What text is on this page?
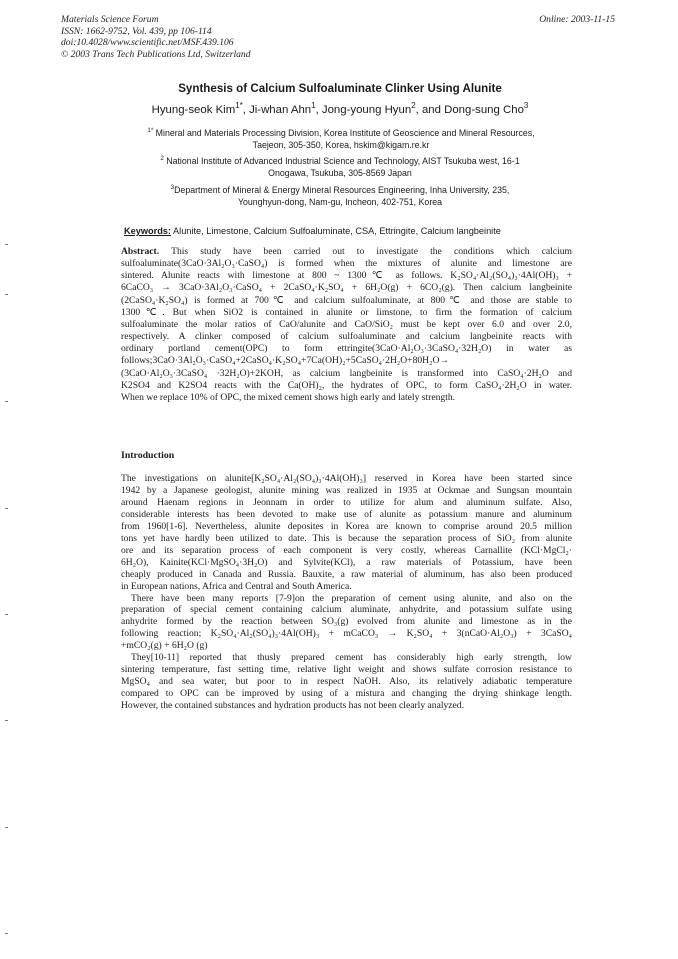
Materials Science Forum
ISSN: 1662-9752, Vol. 439, pp 106-114
doi:10.4028/www.scientific.net/MSF.439.106
© 2003 Trans Tech Publications Ltd, Switzerland
Online: 2003-11-15
Synthesis of Calcium Sulfoaluminate Clinker Using Alunite
Hyung-seok Kim$^{1*}$, Ji-whan Ahn$^1$, Jong-young Hyun$^2$, and Dong-sung Cho$^3$
$^{1*}$ Mineral and Materials Processing Division, Korea Institute of Geoscience and Mineral Resources,
Taejeon, 305-350, Korea, hskim@kigam.re.kr
$^2$ National Institute of Advanced Industrial Science and Technology, AIST Tsukuba west, 16-1
Onogawa, Tsukuba, 305-8569 Japan
$^3$Department of Mineral & Energy Mineral Resources Engineering, Inha University, 235,
Younghyun-dong, Nam-gu, Incheon, 402-751, Korea
Keywords: Alunite, Limestone, Calcium Sulfoaluminate, CSA, Ettringite, Calcium langbeinite
Abstract. This study have been carried out to investigate the conditions which calcium
sulfoaluminate(3CaO·3Al₂O₃·CaSO₄) is formed when the mixtures of alunite and limestone are
sintered. Alunite reacts with limestone at 800 ~ 1300℃ as follows. K₂SO₄·Al₂(SO₄)₃·4Al(OH)₃ +
6CaCO₃ → 3CaO·3Al₂O₃·CaSO₄ + 2CaSO₄·K₂SO₄ + 6H₂O(g) + 6CO₂(g). Then calcium langbeinite
(2CaSO₄·K₂SO₄) is formed at 700℃ and calcium sulfoaluminate, at 800℃ and those are stable to
1300℃. But when SiO2 is contained in alunite or limstone, to firm the formation of calcium
sulfoaluminate the molar ratios of CaO/alunite and CaO/SiO₂ must be kept over 6.0 and over 2.0,
respectively. A clinker composed of calcium sulfoaluminate and calcium langbeinite reacts with
ordinary portland cement(OPC) to form ettringite(3CaO·Al₂O₃·3CaSO₄·32H₂O) in water as
follows;3CaO·3Al₂O₃·CaSO₄+2CaSO₄·K₂SO₄+7Ca(OH)₂+5CaSO₄·2H₂O+80H₂O→
(3CaO·Al₂O₃·3CaSO₄ ·32H₂O)+2KOH, as calcium langbeinite is transformed into CaSO₄·2H₂O and
K2SO4 and K2SO4 reacts with the Ca(OH)₂, the hydrates of OPC, to form CaSO₄·2H₂O in water.
When we replace 10% of OPC, the mixed cement shows high early and lately strength.
Introduction
The investigations on alunite[K₂SO₄·Al₂(SO₄)₃·4Al(OH)₃] reserved in Korea have been started since
1942 by a Japanese geologist, alunite mining was realized in 1935 at Ockmae and Sungsan mountain
around Haenam regions in Jeonnam in order to utilize for alum and aluminum sulfate. Also,
considerable interests has been devoted to make use of alunite as potassium manure and aluminum
from 1960[1-6]. Nevertheless, alunite deposites in Korea are known to comprise around 20.5 million
tons yet have hardly been utilized to date. This is because the separation process of SiO₂ from alunite
ore and its separation process of each component is very costly, whereas Carnallite (KCl·MgCl₂·
6H₂O), Kainite(KCl·MgSO₄·3H₂O) and Sylvite(KCl), a raw materials of Potassium, have been
cheaply produced in Canada and Russia. Bauxite, a raw material of aluminum, has also been produced
in European nations, Africa and Central and South America.
There have been many reports [7-9]on the preparation of cement using alunite, and also on the
preparation of special cement containing calcium aluminate, anhydrite, and potassium sulfate using
anhydrite formed by the reaction between SO₃(g) evolved from alunite and limestone as in the
following reaction; K₂SO₄·Al₂(SO₄)₃·4Al(OH)₃ + mCaCO₃ → K₂SO₄ + 3(nCaO·Al₂O₃) + 3CaSO₄
+mCO₂(g) + 6H₂O (g)
They[10-11] reported that thusly prepared cement has considerably high early strength, low
sintering temperature, fast setting time, relative light weight and shows sulfate corrosion resistance to
MgSO₄ and sea water, but poor to in respect NaOH. Also, its relatively adiabatic temperature
compared to OPC can be improved by using of a mistura and changing the drying shinkage length.
However, the contained substances and hydration products has not been clearly analyzed.
